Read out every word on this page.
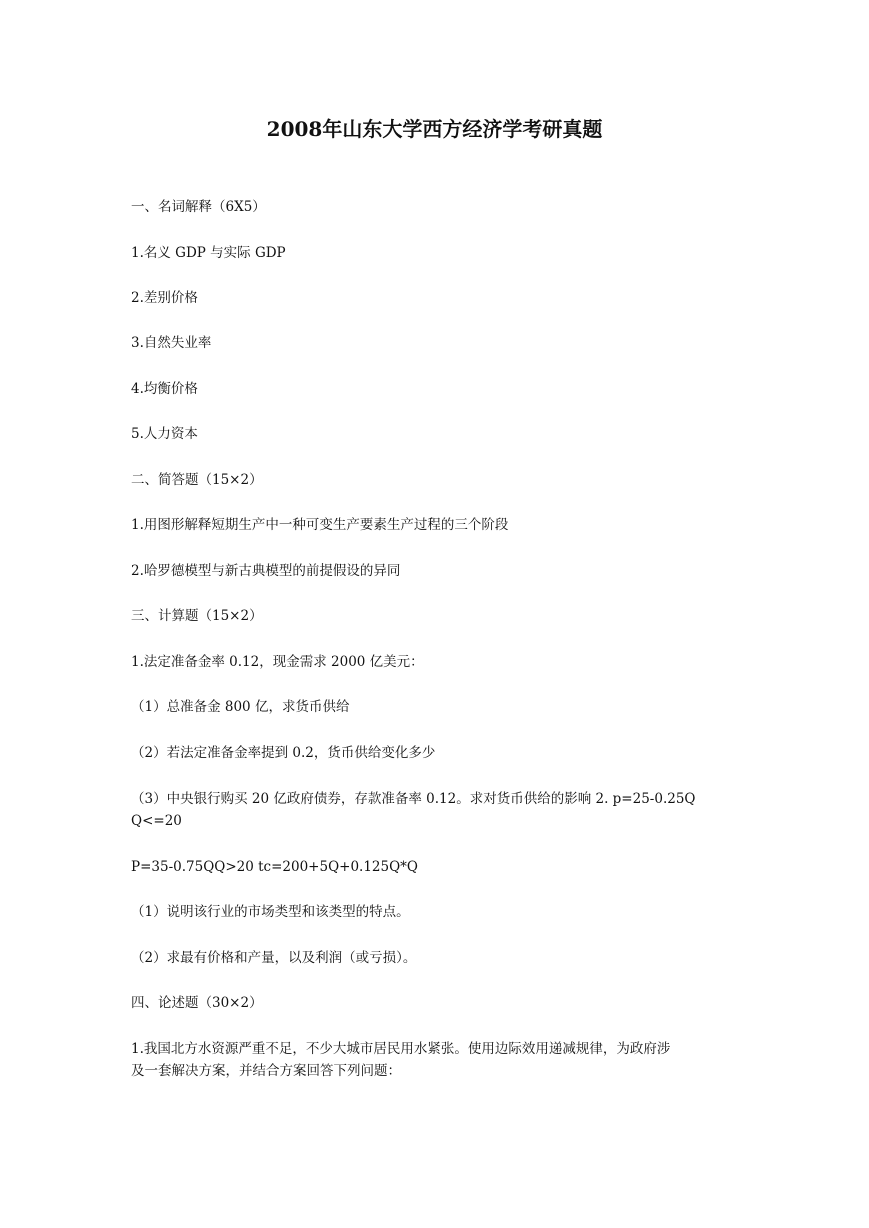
2008年山东大学西方经济学考研真题
一、名词解释（6X5）
1.名义 GDP 与实际 GDP
2.差别价格
3.自然失业率
4.均衡价格
5.人力资本
二、简答题（15×2）
1.用图形解释短期生产中一种可变生产要素生产过程的三个阶段
2.哈罗德模型与新古典模型的前提假设的异同
三、计算题（15×2）
1.法定准备金率 0.12，现金需求 2000 亿美元：
（1）总准备金 800 亿，求货币供给
（2）若法定准备金率提到 0.2，货币供给变化多少
（3）中央银行购买 20 亿政府债券，存款准备率 0.12。求对货币供给的影响 2. p=25-0.25Q
Q<=20
P=35-0.75QQ>20 tc=200+5Q+0.125Q*Q
（1）说明该行业的市场类型和该类型的特点。
（2）求最有价格和产量，以及利润（或亏损）。
四、论述题（30×2）
1.我国北方水资源严重不足，不少大城市居民用水紧张。使用边际效用递减规律，为政府涉
及一套解决方案，并结合方案回答下列问题：
